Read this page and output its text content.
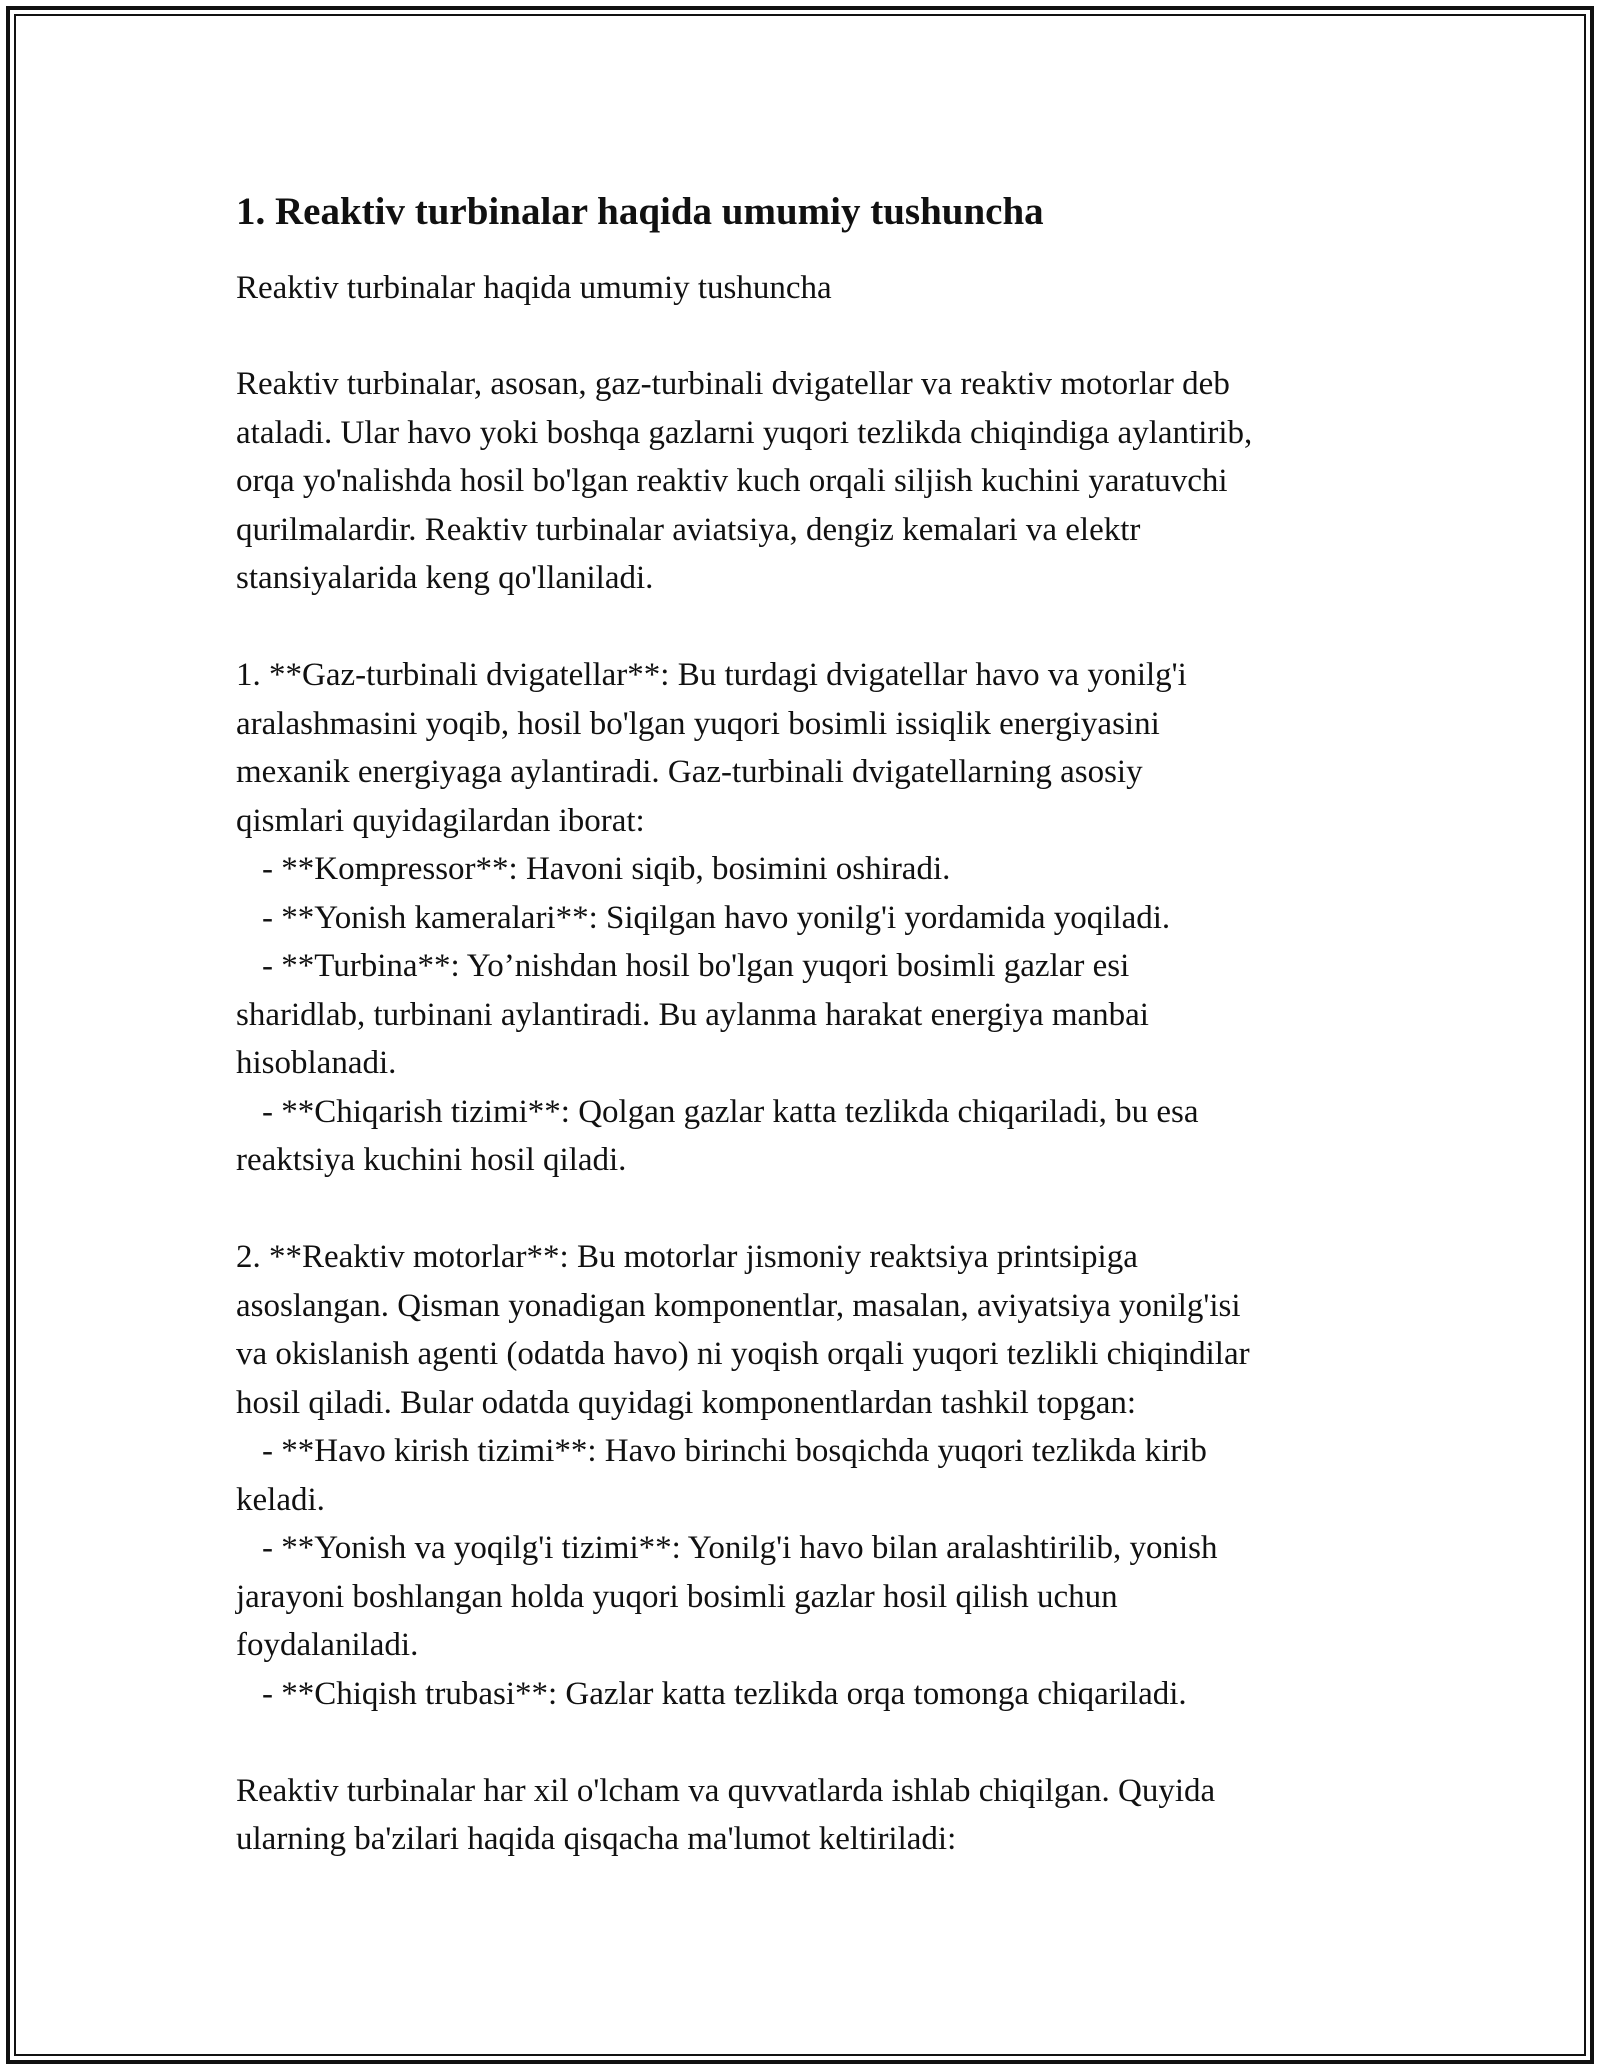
1. Reaktiv turbinalar haqida umumiy tushuncha

Reaktiv turbinalar haqida umumiy tushuncha

Reaktiv turbinalar, asosan, gaz-turbinali dvigatellar va reaktiv motorlar deb

ataladi. Ular havo yoki boshqa gazlarni yuqori tezlikda chiqindiga aylantirib,

orqa yo'nalishda hosil bo'lgan reaktiv kuch orqali siljish kuchini yaratuvchi

qurilmalardir. Reaktiv turbinalar aviatsiya, dengiz kemalari va elektr

stansiyalarida keng qo'llaniladi.

1. **Gaz-turbinali dvigatellar**: Bu turdagi dvigatellar havo va yonilg'i

aralashmasini yoqib, hosil bo'lgan yuqori bosimli issiqlik energiyasini

mexanik energiyaga aylantiradi. Gaz-turbinali dvigatellarning asosiy

qismlari quyidagilardan iborat:

- **Kompressor**: Havoni siqib, bosimini oshiradi.

- **Yonish kameralari**: Siqilgan havo yonilg'i yordamida yoqiladi.

- **Turbina**: Yo’nishdan hosil bo'lgan yuqori bosimli gazlar esi

sharidlab, turbinani aylantiradi. Bu aylanma harakat energiya manbai

hisoblanadi.

- **Chiqarish tizimi**: Qolgan gazlar katta tezlikda chiqariladi, bu esa

reaktsiya kuchini hosil qiladi.

2. **Reaktiv motorlar**: Bu motorlar jismoniy reaktsiya printsipiga

asoslangan. Qisman yonadigan komponentlar, masalan, aviyatsiya yonilg'isi

va okislanish agenti (odatda havo) ni yoqish orqali yuqori tezlikli chiqindilar

hosil qiladi. Bular odatda quyidagi komponentlardan tashkil topgan:

- **Havo kirish tizimi**: Havo birinchi bosqichda yuqori tezlikda kirib

keladi.

- **Yonish va yoqilg'i tizimi**: Yonilg'i havo bilan aralashtirilib, yonish

jarayoni boshlangan holda yuqori bosimli gazlar hosil qilish uchun

foydalaniladi.

- **Chiqish trubasi**: Gazlar katta tezlikda orqa tomonga chiqariladi.

Reaktiv turbinalar har xil o'lcham va quvvatlarda ishlab chiqilgan. Quyida

ularning ba'zilari haqida qisqacha ma'lumot keltiriladi:
